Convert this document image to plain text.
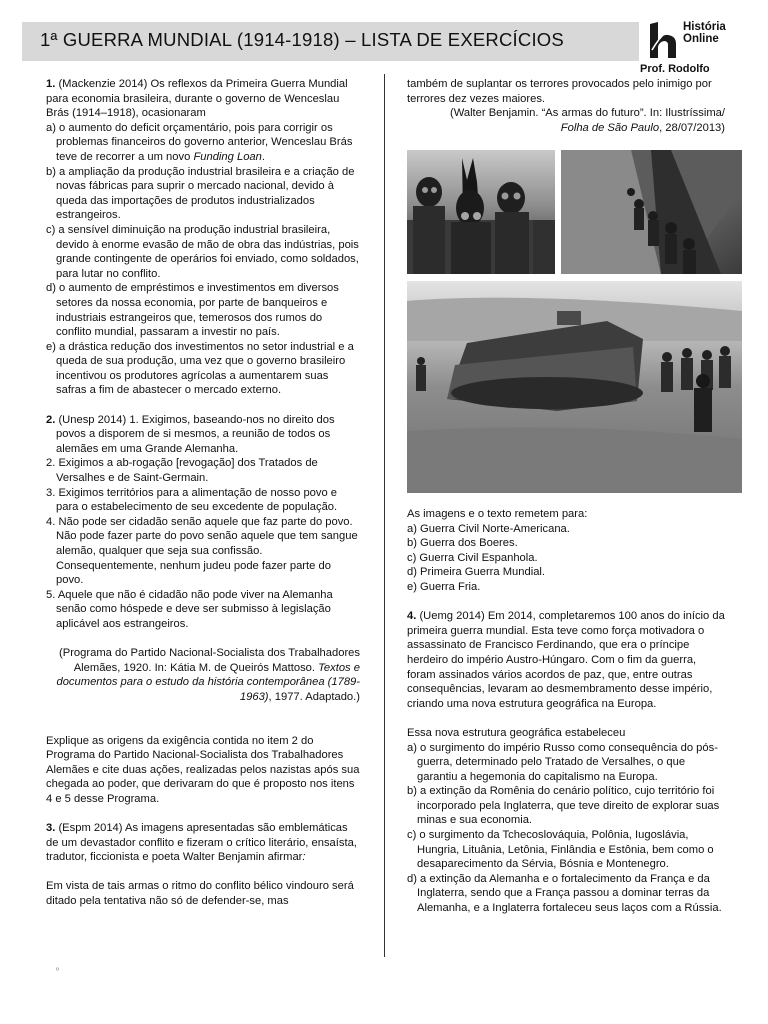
1ª GUERRA MUNDIAL (1914-1918) – LISTA DE EXERCÍCIOS
História
Online
Prof. Rodolfo

1. (Mackenzie 2014) Os reflexos da Primeira Guerra Mundial para economia brasileira, durante o governo de Wenceslau Brás (1914–1918), ocasionaram

a) o aumento do deficit orçamentário, pois para corrigir os problemas financeiros do governo anterior, Wenceslau Brás teve de recorrer a um novo Funding Loan.

b) a ampliação da produção industrial brasileira e a criação de novas fábricas para suprir o mercado nacional, devido à queda das importações de produtos industrializados estrangeiros.

c) a sensível diminuição na produção industrial brasileira, devido à enorme evasão de mão de obra das indústrias, pois grande contingente de operários foi enviado, como soldados, para lutar no conflito.

d) o aumento de empréstimos e investimentos em diversos setores da nossa economia, por parte de banqueiros e industriais estrangeiros que, temerosos dos rumos do conflito mundial, passaram a investir no país.

e) a drástica redução dos investimentos no setor industrial e a queda de sua produção, uma vez que o governo brasileiro incentivou os produtores agrícolas a aumentarem suas safras a fim de abastecer o mercado externo.

2. (Unesp 2014) 1. Exigimos, baseando-nos no direito dos povos a disporem de si mesmos, a reunião de todos os alemães em uma Grande Alemanha.

2. Exigimos a ab-rogação [revogação] dos Tratados de Versalhes e de Saint-Germain.

3. Exigimos territórios para a alimentação de nosso povo e para o estabelecimento de seu excedente de população.

4. Não pode ser cidadão senão aquele que faz parte do povo. Não pode fazer parte do povo senão aquele que tem sangue alemão, qualquer que seja sua confissão. Consequentemente, nenhum judeu pode fazer parte do povo.

5. Aquele que não é cidadão não pode viver na Alemanha senão como hóspede e deve ser submisso à legislação aplicável aos estrangeiros.

(Programa do Partido Nacional-Socialista dos Trabalhadores Alemães, 1920. In: Kátia M. de Queirós Mattoso. Textos e documentos para o estudo da história contemporânea (1789-1963), 1977. Adaptado.)

Explique as origens da exigência contida no item 2 do Programa do Partido Nacional-Socialista dos Trabalhadores Alemães e cite duas ações, realizadas pelos nazistas após sua chegada ao poder, que derivaram do que é proposto nos itens 4 e 5 desse Programa.

3. (Espm 2014) As imagens apresentadas são emblemáticas de um devastador conflito e fizeram o crítico literário, ensaísta, tradutor, ficcionista e poeta Walter Benjamin afirmar:

Em vista de tais armas o ritmo do conflito bélico vindouro será ditado pela tentativa não só de defender-se, mas

também de suplantar os terrores provocados pelo inimigo por terrores dez vezes maiores.

(Walter Benjamin. “As armas do futuro”. In: Ilustríssima/
Folha de São Paulo, 28/07/2013)

As imagens e o texto remetem para:

a) Guerra Civil Norte-Americana.

b) Guerra dos Boeres.

c) Guerra Civil Espanhola.

d) Primeira Guerra Mundial.

e) Guerra Fria.

4. (Uemg 2014) Em 2014, completaremos 100 anos do início da primeira guerra mundial. Esta teve como força motivadora o assassinato de Francisco Ferdinando, que era o príncipe herdeiro do império Austro-Húngaro. Com o fim da guerra, foram assinados vários acordos de paz, que, entre outras consequências, levaram ao desmembramento desse império, criando uma nova estrutura geográfica na Europa.

Essa nova estrutura geográfica estabeleceu

a) o surgimento do império Russo como consequência do pós-guerra, determinado pelo Tratado de Versalhes, o que garantiu a hegemonia do capitalismo na Europa.

b) a extinção da Romênia do cenário político, cujo território foi incorporado pela Inglaterra, que teve direito de explorar suas minas e sua economia.

c) o surgimento da Tchecoslováquia, Polônia, Iugoslávia, Hungria, Lituânia, Letônia, Finlândia e Estônia, bem como o desaparecimento da Sérvia, Bósnia e Montenegro.

d) a extinção da Alemanha e o fortalecimento da França e da Inglaterra, sendo que a França passou a dominar terras da Alemanha, e a Inglaterra fortaleceu seus laços com a Rússia.

º
